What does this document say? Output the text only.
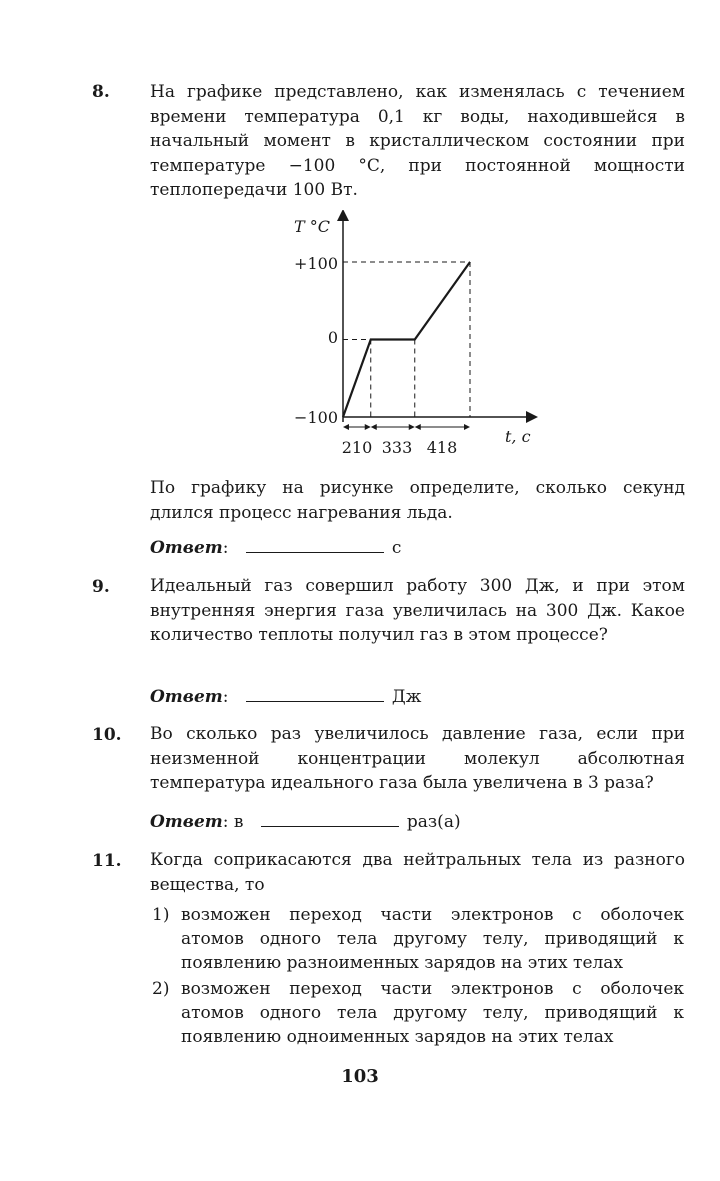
8.	На графике представлено, как изменялась с течением времени температура 0,1 кг воды, находившейся в начальный момент в кристаллическом состоянии при температуре −100 °С, при постоянной мощности теплопередачи 100 Вт.
T °C
t, c
+100
0
−100
210 333 418
По графику на рисунке определите, сколько секунд длился процесс нагревания льда.
Ответ:	с
9.	Идеальный газ совершил работу 300 Дж, и при этом внутренняя энергия газа увеличилась на 300 Дж. Какое количество теплоты получил газ в этом процессе?
Ответ:	Дж
10.	Во сколько раз увеличилось давление газа, если при неизменной концентрации молекул абсолютная температура идеального газа была увеличена в 3 раза?
Ответ: в	раз(а)
11.	Когда соприкасаются два нейтральных тела из разного вещества, то
1) возможен переход части электронов с оболочек атомов одного тела другому телу, приводящий к появлению разноименных зарядов на этих телах
2) возможен переход части электронов с оболочек атомов одного тела другому телу, приводящий к появлению одноименных зарядов на этих телах
103
